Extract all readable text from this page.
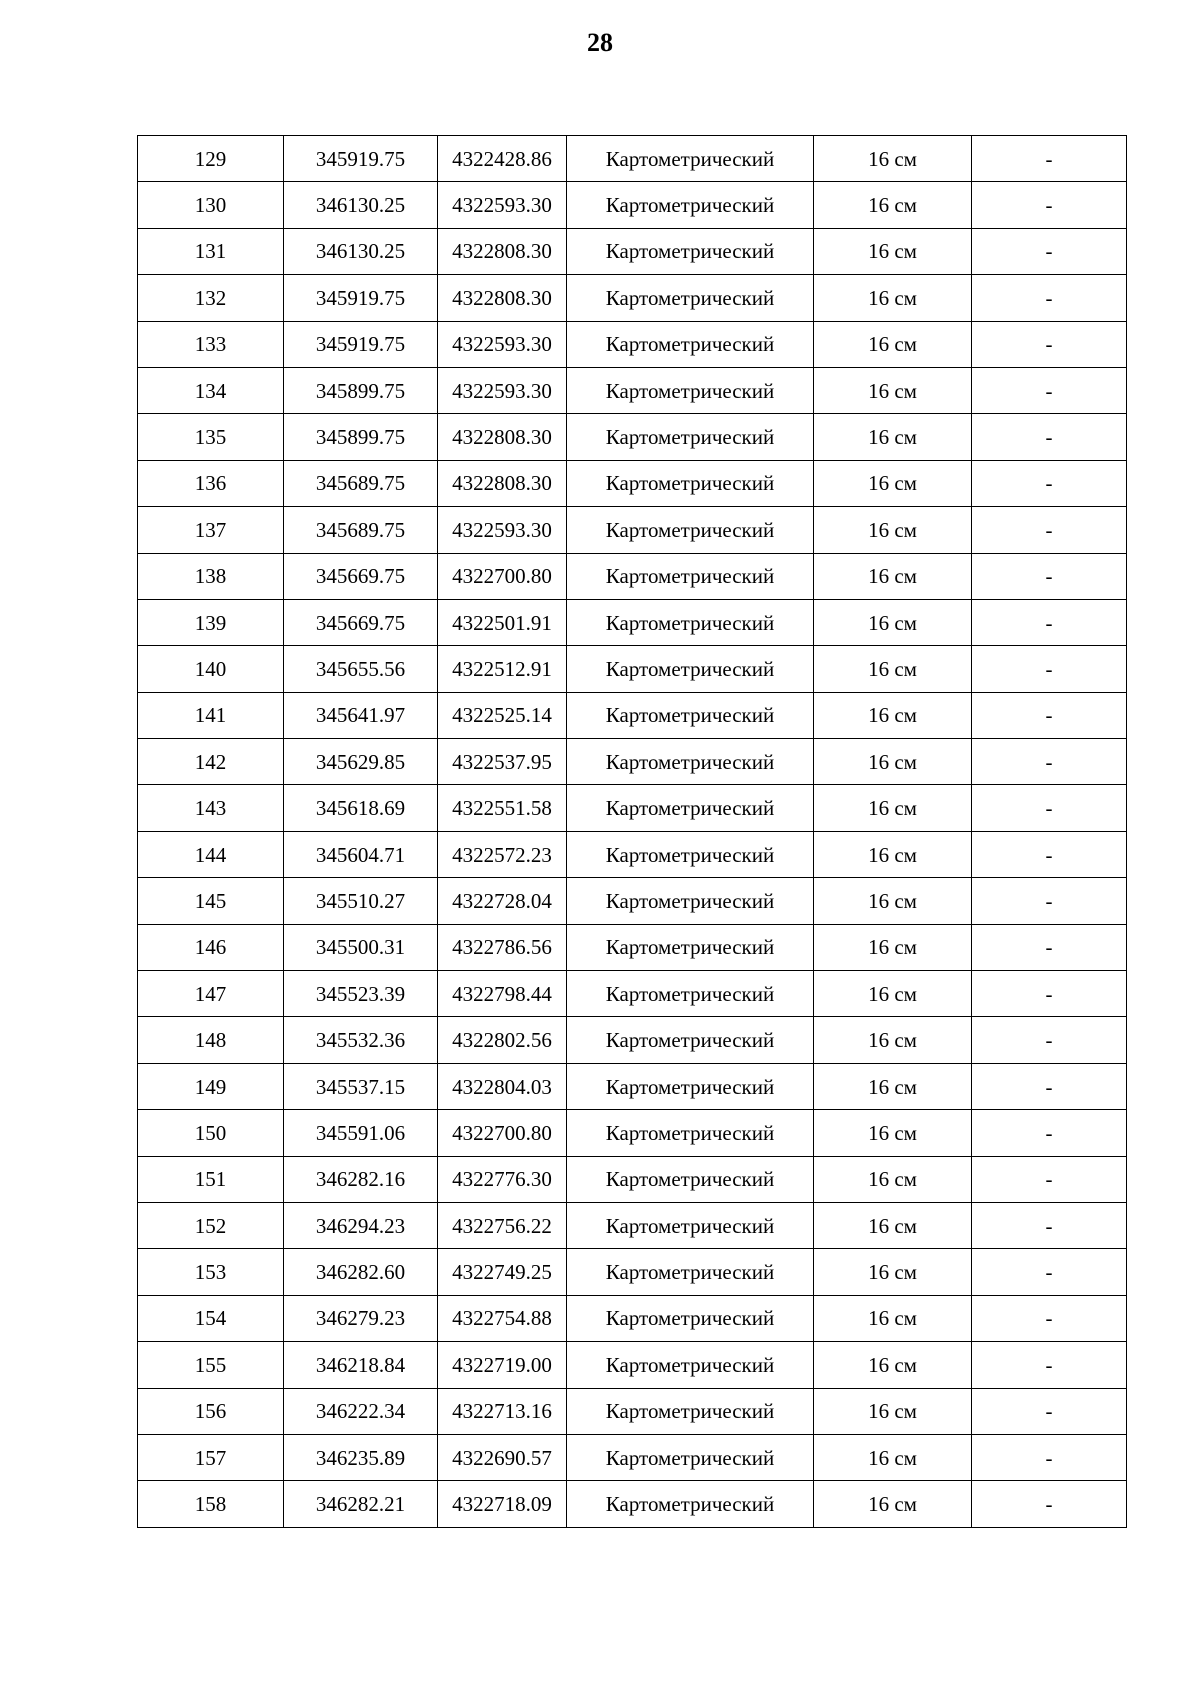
28
129	345919.75	4322428.86	Картометрический	16 см	-
130	346130.25	4322593.30	Картометрический	16 см	-
131	346130.25	4322808.30	Картометрический	16 см	-
132	345919.75	4322808.30	Картометрический	16 см	-
133	345919.75	4322593.30	Картометрический	16 см	-
134	345899.75	4322593.30	Картометрический	16 см	-
135	345899.75	4322808.30	Картометрический	16 см	-
136	345689.75	4322808.30	Картометрический	16 см	-
137	345689.75	4322593.30	Картометрический	16 см	-
138	345669.75	4322700.80	Картометрический	16 см	-
139	345669.75	4322501.91	Картометрический	16 см	-
140	345655.56	4322512.91	Картометрический	16 см	-
141	345641.97	4322525.14	Картометрический	16 см	-
142	345629.85	4322537.95	Картометрический	16 см	-
143	345618.69	4322551.58	Картометрический	16 см	-
144	345604.71	4322572.23	Картометрический	16 см	-
145	345510.27	4322728.04	Картометрический	16 см	-
146	345500.31	4322786.56	Картометрический	16 см	-
147	345523.39	4322798.44	Картометрический	16 см	-
148	345532.36	4322802.56	Картометрический	16 см	-
149	345537.15	4322804.03	Картометрический	16 см	-
150	345591.06	4322700.80	Картометрический	16 см	-
151	346282.16	4322776.30	Картометрический	16 см	-
152	346294.23	4322756.22	Картометрический	16 см	-
153	346282.60	4322749.25	Картометрический	16 см	-
154	346279.23	4322754.88	Картометрический	16 см	-
155	346218.84	4322719.00	Картометрический	16 см	-
156	346222.34	4322713.16	Картометрический	16 см	-
157	346235.89	4322690.57	Картометрический	16 см	-
158	346282.21	4322718.09	Картометрический	16 см	-
